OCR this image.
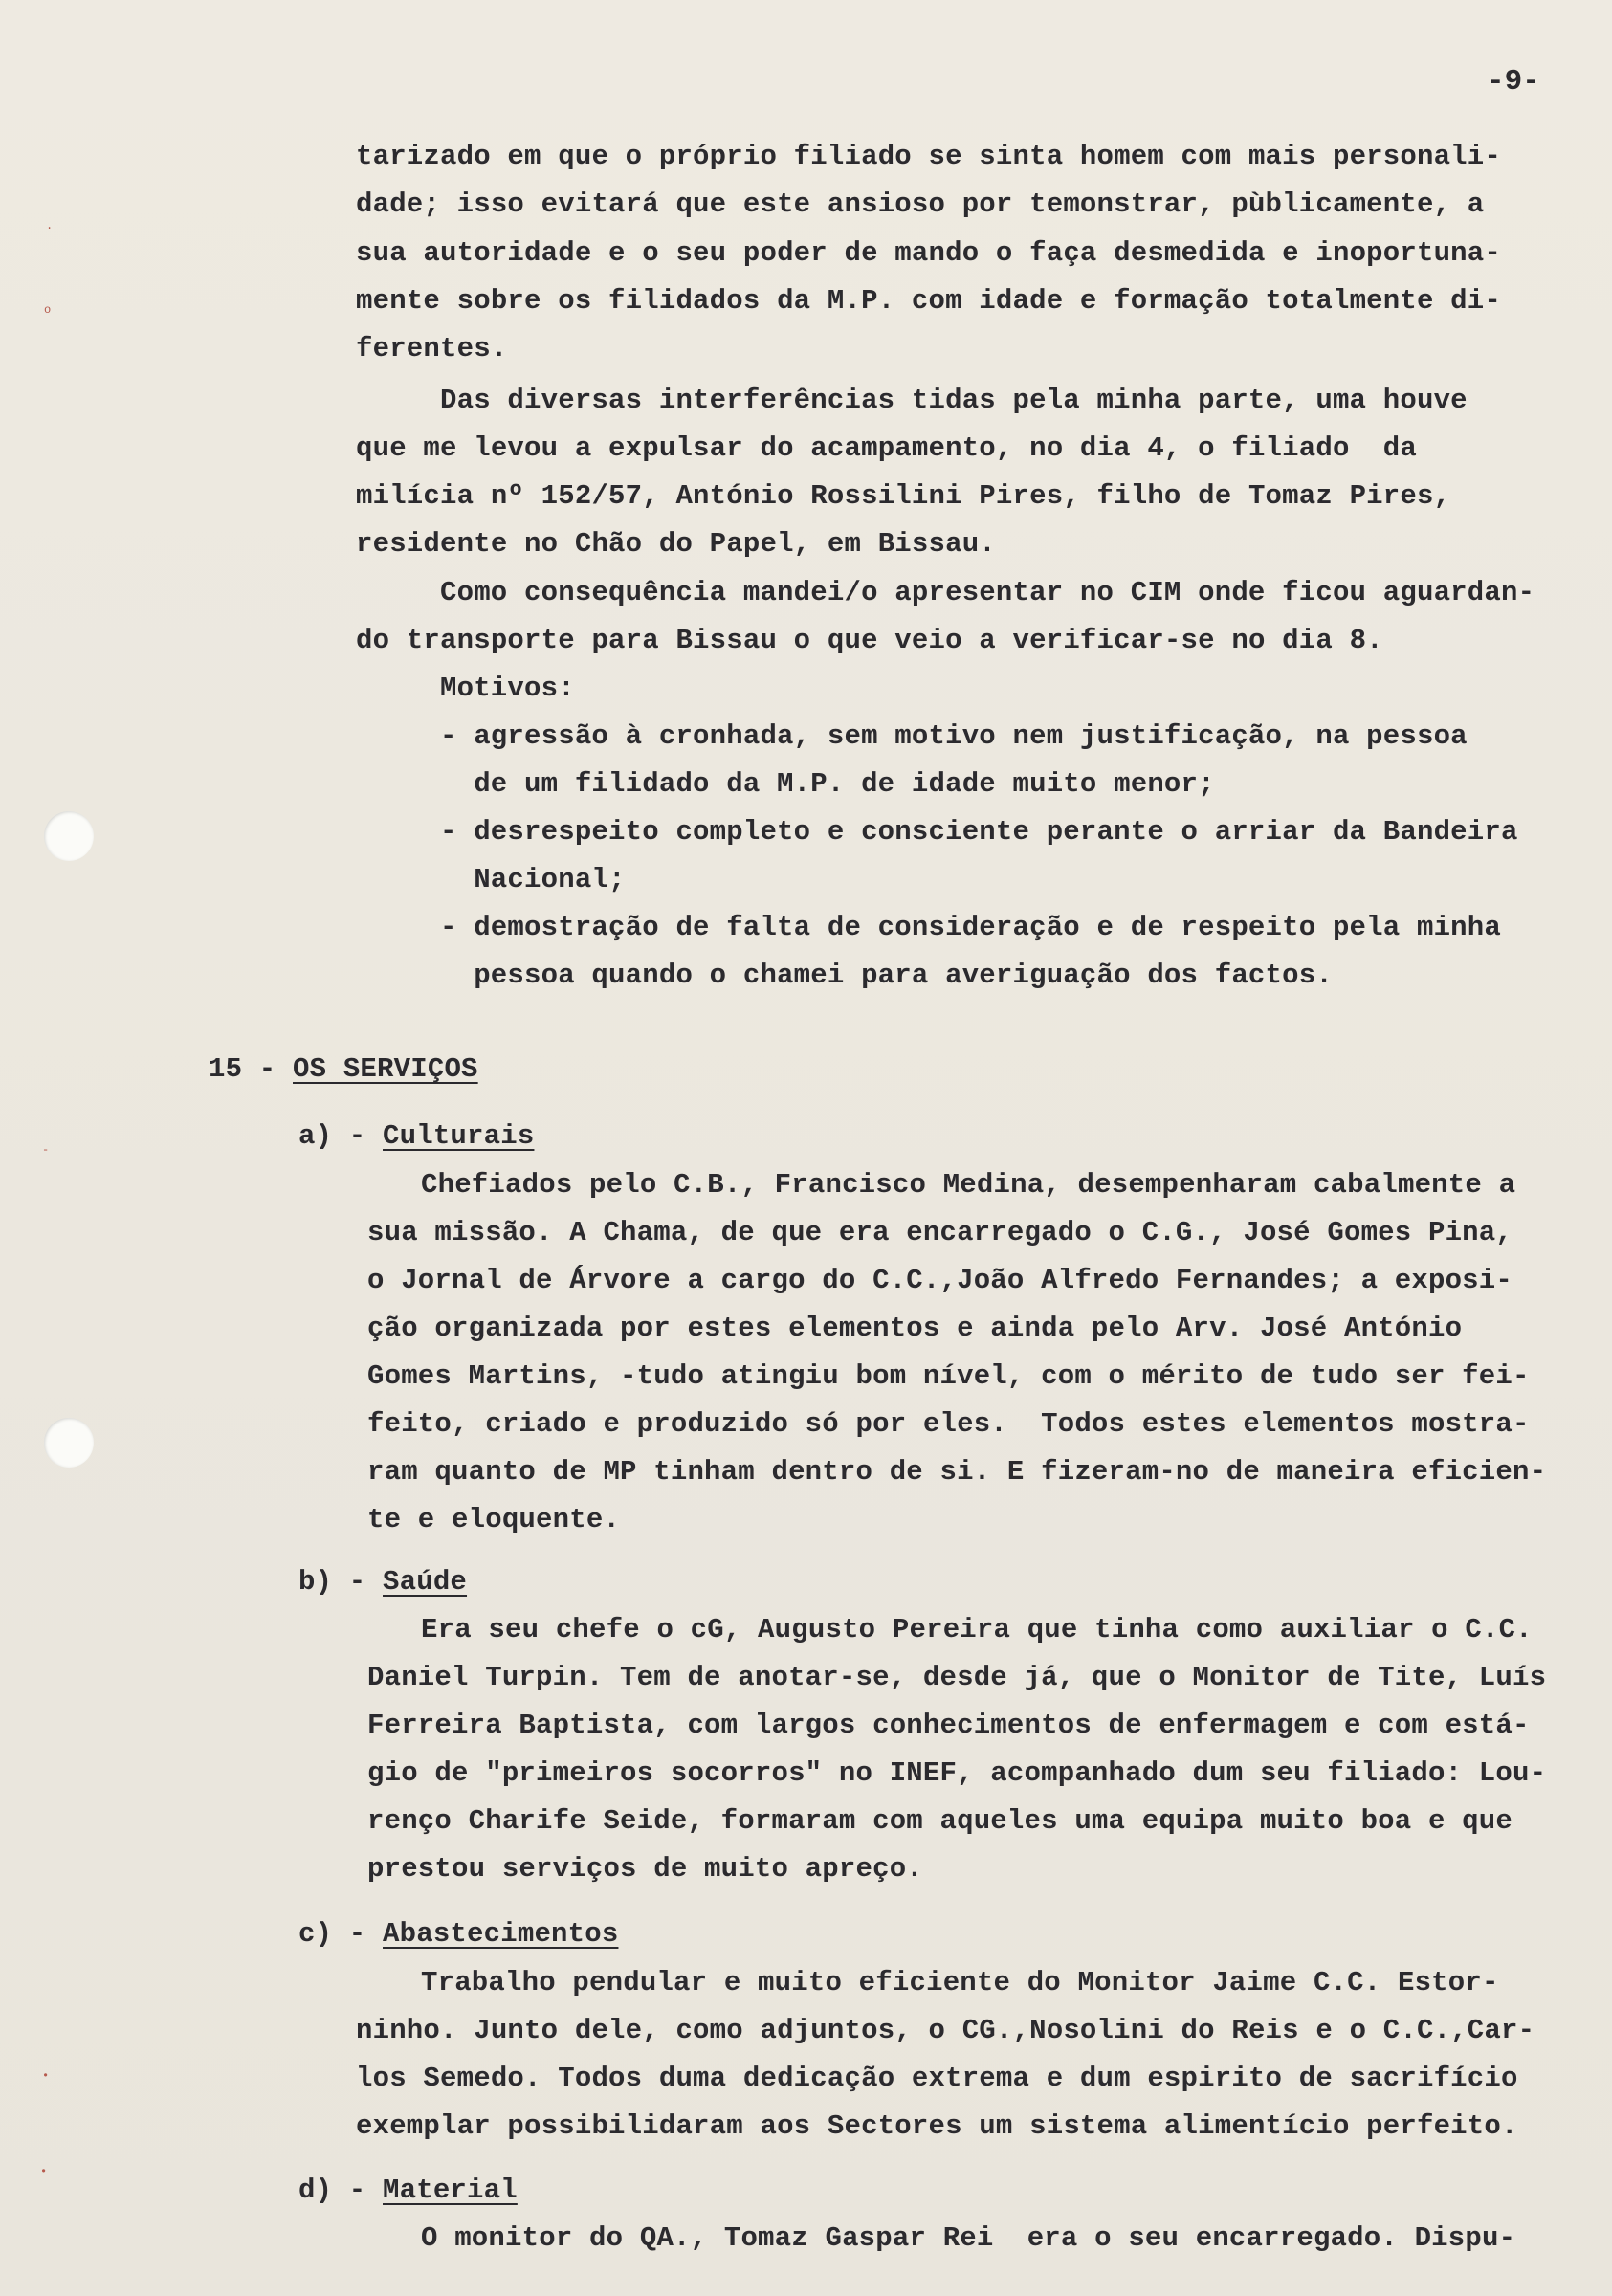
.
o
-
•
•
-9-
tarizado em que o próprio filiado se sinta homem com mais personali-
dade; isso evitará que este ansioso por temonstrar, pùblicamente, a
sua autoridade e o seu poder de mando o faça desmedida e inoportuna-
mente sobre os filidados da M.P. com idade e formação totalmente di-
ferentes.
Das diversas interferências tidas pela minha parte, uma houve
que me levou a expulsar do acampamento, no dia 4, o filiado  da
milícia nº 152/57, António Rossilini Pires, filho de Tomaz Pires,
residente no Chão do Papel, em Bissau.
Como consequência mandei/o apresentar no CIM onde ficou aguardan-
do transporte para Bissau o que veio a verificar-se no dia 8.
Motivos:
- agressão à cronhada, sem motivo nem justificação, na pessoa
de um filidado da M.P. de idade muito menor;
- desrespeito completo e consciente perante o arriar da Bandeira
Nacional;
- demostração de falta de consideração e de respeito pela minha
pessoa quando o chamei para averiguação dos factos.
15 - OS SERVIÇOS
a) - Culturais
Chefiados pelo C.B., Francisco Medina, desempenharam cabalmente a
sua missão. A Chama, de que era encarregado o C.G., José Gomes Pina,
o Jornal de Árvore a cargo do C.C.,João Alfredo Fernandes; a exposi-
ção organizada por estes elementos e ainda pelo Arv. José António
Gomes Martins, -tudo atingiu bom nível, com o mérito de tudo ser fei-
feito, criado e produzido só por eles.  Todos estes elementos mostra-
ram quanto de MP tinham dentro de si. E fizeram-no de maneira eficien-
te e eloquente.
b) - Saúde
Era seu chefe o cG, Augusto Pereira que tinha como auxiliar o C.C.
Daniel Turpin. Tem de anotar-se, desde já, que o Monitor de Tite, Luís
Ferreira Baptista, com largos conhecimentos de enfermagem e com está-
gio de "primeiros socorros" no INEF, acompanhado dum seu filiado: Lou-
renço Charife Seide, formaram com aqueles uma equipa muito boa e que
prestou serviços de muito apreço.
c) - Abastecimentos
Trabalho pendular e muito eficiente do Monitor Jaime C.C. Estor-
ninho. Junto dele, como adjuntos, o CG.,Nosolini do Reis e o C.C.,Car-
los Semedo. Todos duma dedicação extrema e dum espirito de sacrifício
exemplar possibilidaram aos Sectores um sistema alimentício perfeito.
d) - Material
O monitor do QA., Tomaz Gaspar Rei  era o seu encarregado. Dispu-
